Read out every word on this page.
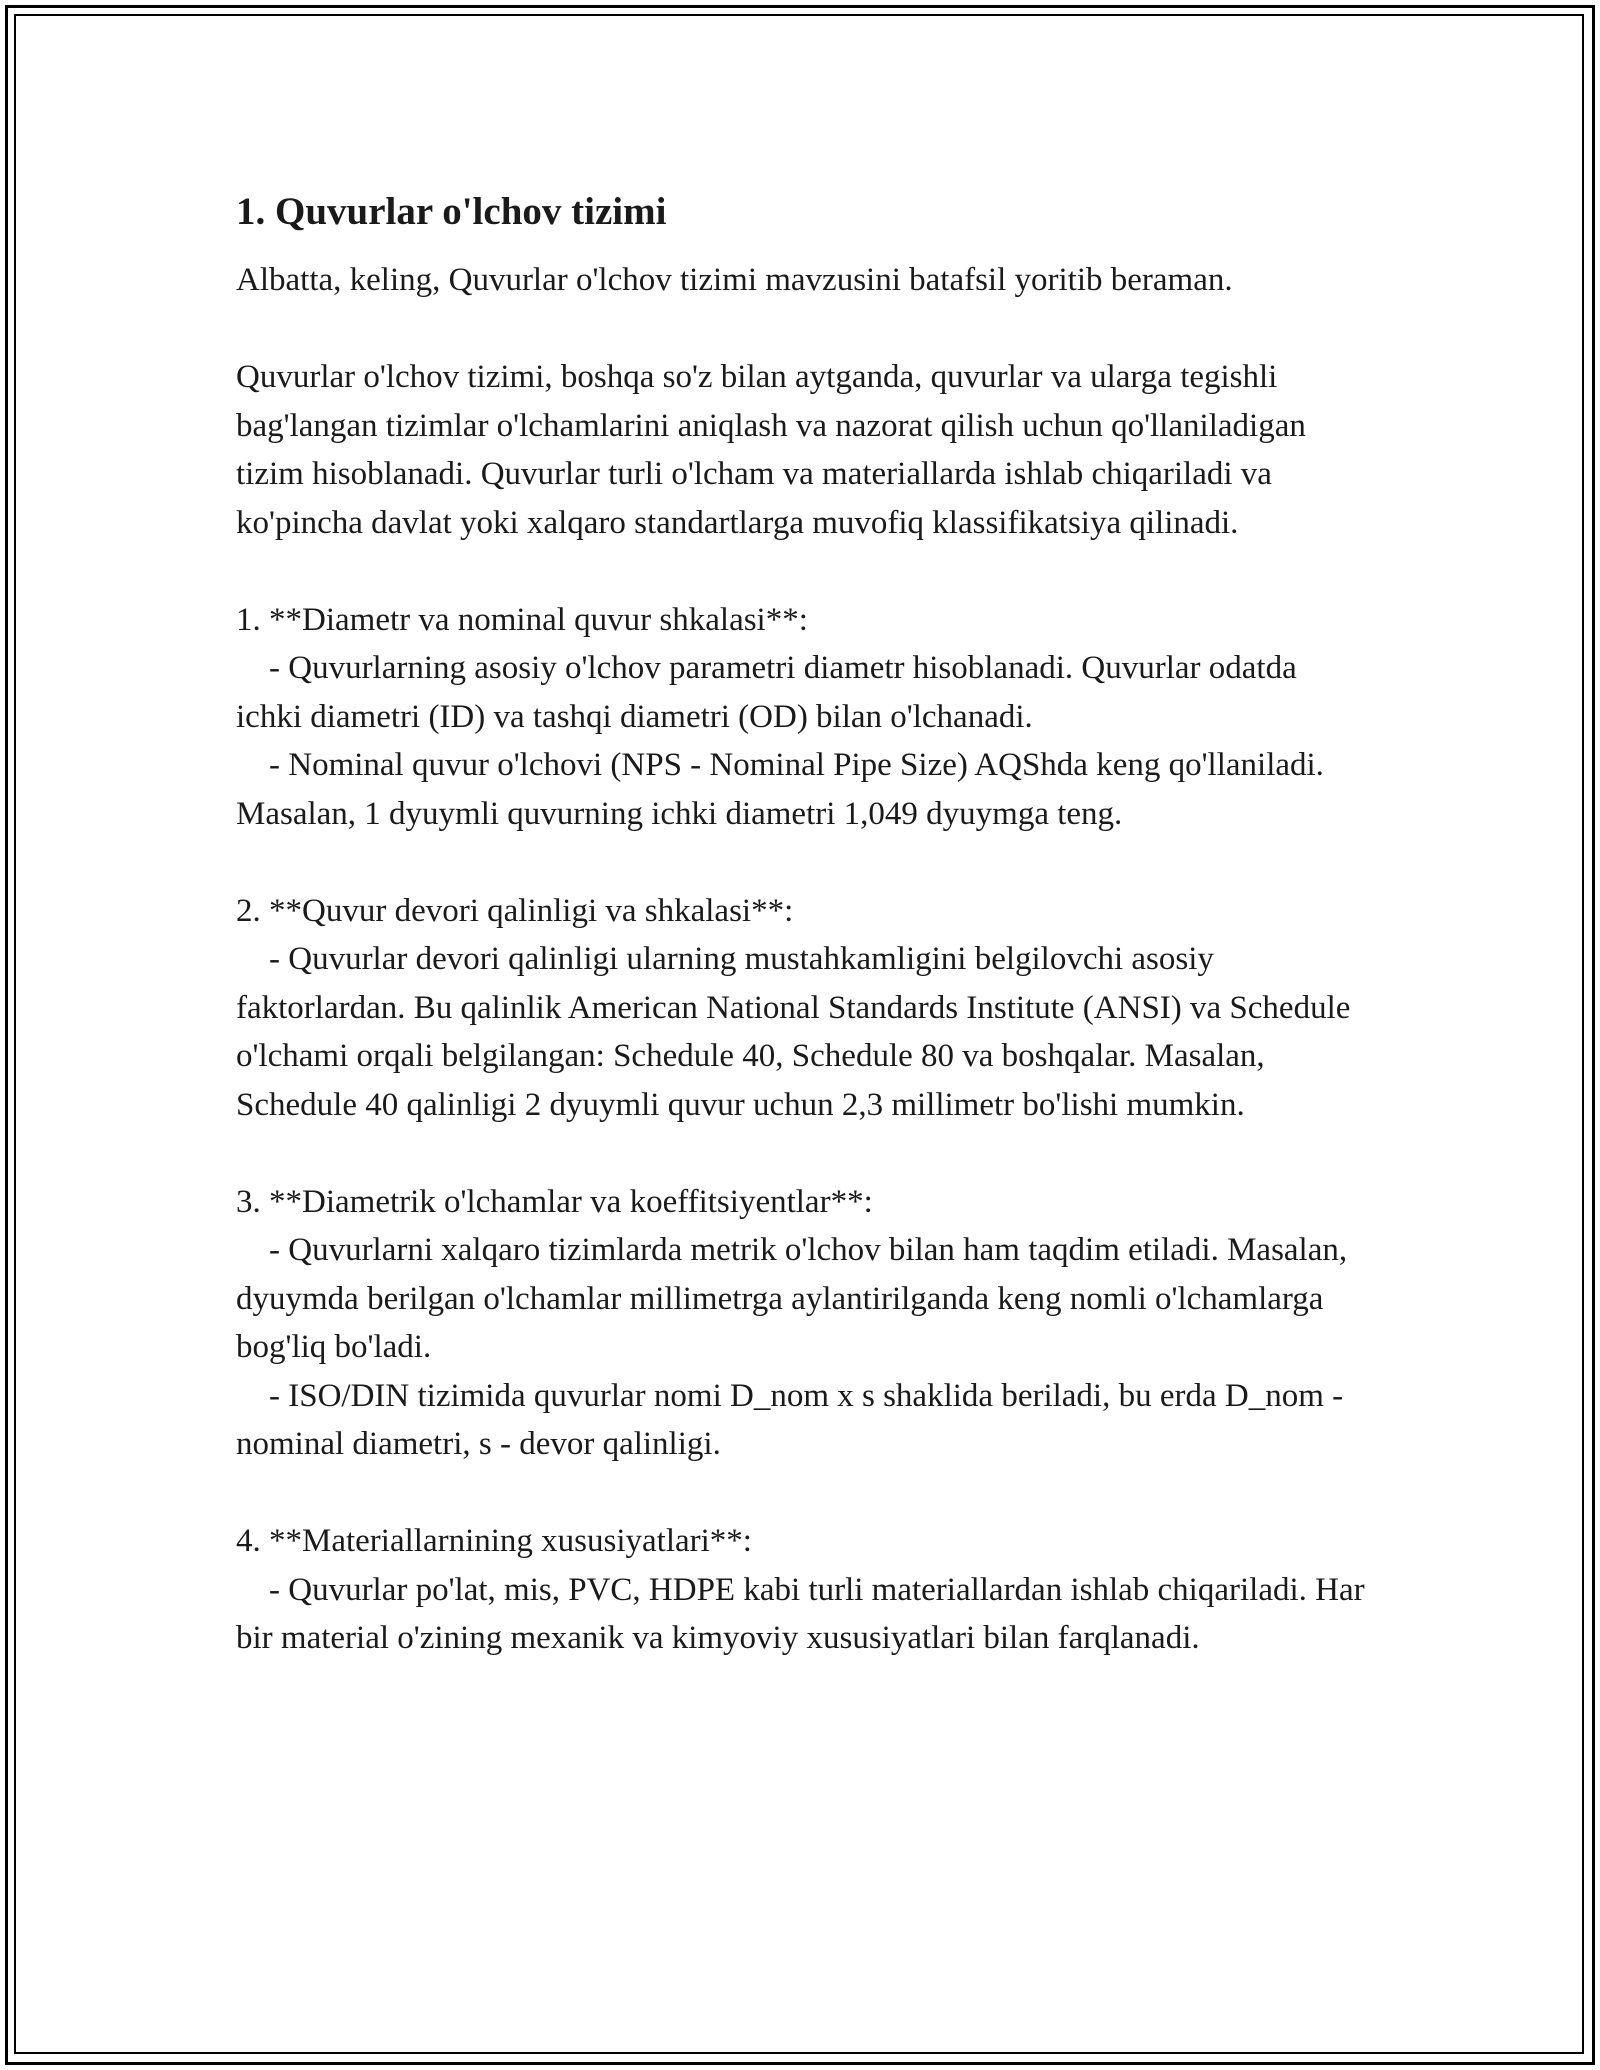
1. Quvurlar o'lchov tizimi

Albatta, keling, Quvurlar o'lchov tizimi mavzusini batafsil yoritib beraman.

Quvurlar o'lchov tizimi, boshqa so'z bilan aytganda, quvurlar va ularga tegishli bag'langan tizimlar o'lchamlarini aniqlash va nazorat qilish uchun qo'llaniladigan tizim hisoblanadi. Quvurlar turli o'lcham va materiallarda ishlab chiqariladi va ko'pincha davlat yoki xalqaro standartlarga muvofiq klassifikatsiya qilinadi.

1. **Diametr va nominal quvur shkalasi**:
- Quvurlarning asosiy o'lchov parametri diametr hisoblanadi. Quvurlar odatda ichki diametri (ID) va tashqi diametri (OD) bilan o'lchanadi.
- Nominal quvur o'lchovi (NPS - Nominal Pipe Size) AQShda keng qo'llaniladi. Masalan, 1 dyuymli quvurning ichki diametri 1,049 dyuymga teng.

2. **Quvur devori qalinligi va shkalasi**:
- Quvurlar devori qalinligi ularning mustahkamligini belgilovchi asosiy faktorlardan. Bu qalinlik American National Standards Institute (ANSI) va Schedule o'lchami orqali belgilangan: Schedule 40, Schedule 80 va boshqalar. Masalan, Schedule 40 qalinligi 2 dyuymli quvur uchun 2,3 millimetr bo'lishi mumkin.

3. **Diametrik o'lchamlar va koeffitsiyentlar**:
- Quvurlarni xalqaro tizimlarda metrik o'lchov bilan ham taqdim etiladi. Masalan, dyuymda berilgan o'lchamlar millimetrga aylantirilganda keng nomli o'lchamlarga bog'liq bo'ladi.
- ISO/DIN tizimida quvurlar nomi D_nom x s shaklida beriladi, bu erda D_nom - nominal diametri, s - devor qalinligi.

4. **Materiallarnining xususiyatlari**:
- Quvurlar po'lat, mis, PVC, HDPE kabi turli materiallardan ishlab chiqariladi. Har bir material o'zining mexanik va kimyoviy xususiyatlari bilan farqlanadi.
